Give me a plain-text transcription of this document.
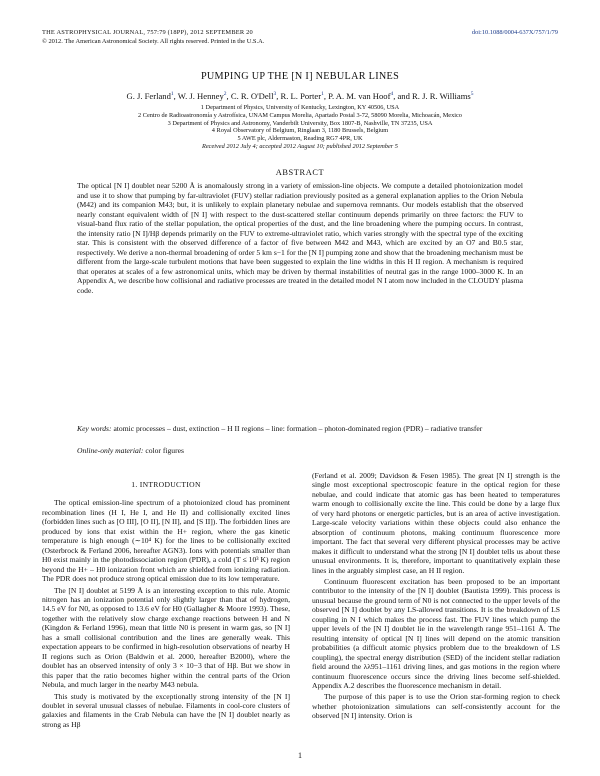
THE ASTROPHYSICAL JOURNAL, 757:79 (18PP), 2012 SEPTEMBER 20
© 2012. The American Astronomical Society. All rights reserved. Printed in the U.S.A.
doi:10.1088/0004-637X/757/1/79
PUMPING UP THE [N I] NEBULAR LINES
G. J. Ferland$^1$, W. J. Henney$^2$, C. R. O'Dell$^3$, R. L. Porter$^1$, P. A. M. van Hoof$^4$, and R. J. R. Williams$^5$
1 Department of Physics, University of Kentucky, Lexington, KY 40506, USA
2 Centro de Radioastronomía y Astrofísica, UNAM Campus Morelia, Apartado Postal 3-72, 58090 Morelia, Michoacán, Mexico
3 Department of Physics and Astronomy, Vanderbilt University, Box 1807-B, Nashville, TN 37235, USA
4 Royal Observatory of Belgium, Ringlaan 3, 1180 Brussels, Belgium
5 AWE plc, Aldermaston, Reading RG7 4PR, UK
Received 2012 July 4; accepted 2012 August 10; published 2012 September 5
ABSTRACT
The optical [N I] doublet near 5200 Å is anomalously strong in a variety of emission-line objects. We compute a detailed photoionization model and use it to show that pumping by far-ultraviolet (FUV) stellar radiation previously posited as a general explanation applies to the Orion Nebula (M42) and its companion M43; but, it is unlikely to explain planetary nebulae and supernova remnants. Our models establish that the observed nearly constant equivalent width of [N I] with respect to the dust-scattered stellar continuum depends primarily on three factors: the FUV to visual-band flux ratio of the stellar population, the optical properties of the dust, and the line broadening where the pumping occurs. In contrast, the intensity ratio [N I]/Hβ depends primarily on the FUV to extreme-ultraviolet ratio, which varies strongly with the spectral type of the exciting star. This is consistent with the observed difference of a factor of five between M42 and M43, which are excited by an O7 and B0.5 star, respectively. We derive a non-thermal broadening of order 5 km s−1 for the [N I] pumping zone and show that the broadening mechanism must be different from the large-scale turbulent motions that have been suggested to explain the line widths in this H II region. A mechanism is required that operates at scales of a few astronomical units, which may be driven by thermal instabilities of neutral gas in the range 1000–3000 K. In an Appendix A, we describe how collisional and radiative processes are treated in the detailed model N I atom now included in the CLOUDY plasma code.
Key words: atomic processes – dust, extinction – H II regions – line: formation – photon-dominated region (PDR) – radiative transfer
Online-only material: color figures
1. INTRODUCTION

The optical emission-line spectrum of a photoionized cloud has prominent recombination lines (H I, He I, and He II) and collisionally excited lines (forbidden lines such as [O III], [O II], [N II], and [S II]). The forbidden lines are produced by ions that exist within the H+ region, where the gas kinetic temperature is high enough (∼10⁴ K) for the lines to be collisionally excited (Osterbrock & Ferland 2006, hereafter AGN3). Ions with potentials smaller than H0 exist mainly in the photodissociation region (PDR), a cold (T ≤ 10³ K) region beyond the H+ – H0 ionization front which are shielded from ionizing radiation. The PDR does not produce strong optical emission due to its low temperature.

The [N I] doublet at 5199 Å is an interesting exception to this rule. Atomic nitrogen has an ionization potential only slightly larger than that of hydrogen, 14.5 eV for N0, as opposed to 13.6 eV for H0 (Gallagher & Moore 1993). These, together with the relatively slow charge exchange reactions between H and N (Kingdon & Ferland 1996), mean that little N0 is present in warm gas, so [N I] has a small collisional contribution and the lines are generally weak. This expectation appears to be confirmed in high-resolution observations of nearby H II regions such as Orion (Baldwin et al. 2000, hereafter B2000), where the doublet has an observed intensity of only 3 × 10−3 that of Hβ. But we show in this paper that the ratio becomes higher within the central parts of the Orion Nebula, and much larger in the nearby M43 nebula.

This study is motivated by the exceptionally strong intensity of the [N I] doublet in several unusual classes of nebulae. Filaments in cool-core clusters of galaxies and filaments in the Crab Nebula can have the [N I] doublet nearly as strong as Hβ

(Ferland et al. 2009; Davidson & Fesen 1985). The great [N I] strength is the single most exceptional spectroscopic feature in the optical region for these nebulae, and could indicate that atomic gas has been heated to temperatures warm enough to collisionally excite the line. This could be done by a large flux of very hard photons or energetic particles, but is an area of active investigation. Large-scale velocity variations within these objects could also enhance the absorption of continuum photons, making continuum fluorescence more important. The fact that several very different physical processes may be active makes it difficult to understand what the strong [N I] doublet tells us about these unusual environments. It is, therefore, important to quantitatively explain these lines in the arguably simplest case, an H II region.

Continuum fluorescent excitation has been proposed to be an important contributor to the intensity of the [N I] doublet (Bautista 1999). This process is unusual because the ground term of N0 is not connected to the upper levels of the observed [N I] doublet by any LS-allowed transitions. It is the breakdown of LS coupling in N I which makes the process fast. The FUV lines which pump the upper levels of the [N I] doublet lie in the wavelength range 951–1161 Å. The resulting intensity of optical [N I] lines will depend on the atomic transition probabilities (a difficult atomic physics problem due to the breakdown of LS coupling), the spectral energy distribution (SED) of the incident stellar radiation field around the λλ951–1161 driving lines, and gas motions in the region where continuum fluorescence occurs since the driving lines become self-shielded. Appendix A.2 describes the fluorescence mechanism in detail.

The purpose of this paper is to use the Orion star-forming region to check whether photoionization simulations can self-consistently account for the observed [N I] intensity. Orion is

1
